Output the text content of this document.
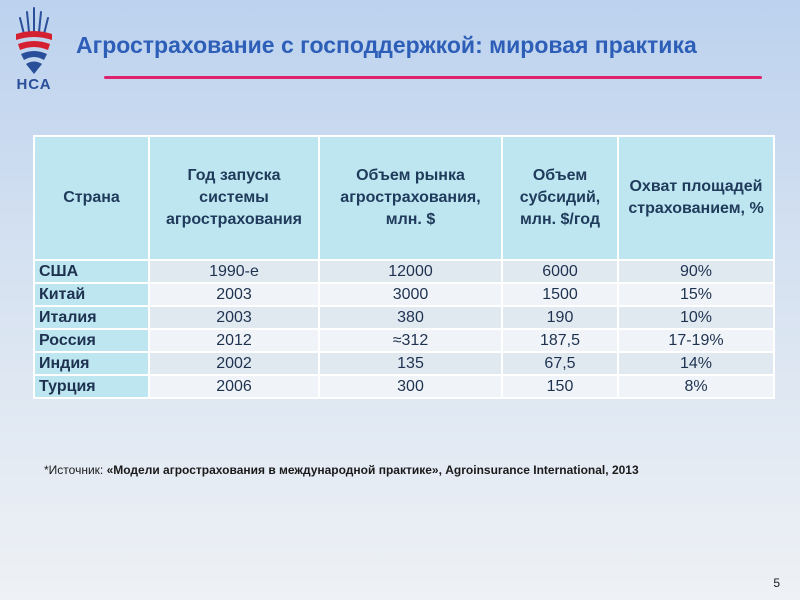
НСА
Агрострахование с господдержкой: мировая практика
Страна	Год запуска системы агрострахования	Объем рынка агрострахования, млн. $	Объем субсидий, млн. $/год	Охват площадей страхованием, %
США	1990-е	12000	6000	90%
Китай	2003	3000	1500	15%
Италия	2003	380	190	10%
Россия	2012	≈312	187,5	17-19%
Индия	2002	135	67,5	14%
Турция	2006	300	150	8%
*Источник: «Модели агрострахования в международной практике», Agroinsurance International, 2013
5
